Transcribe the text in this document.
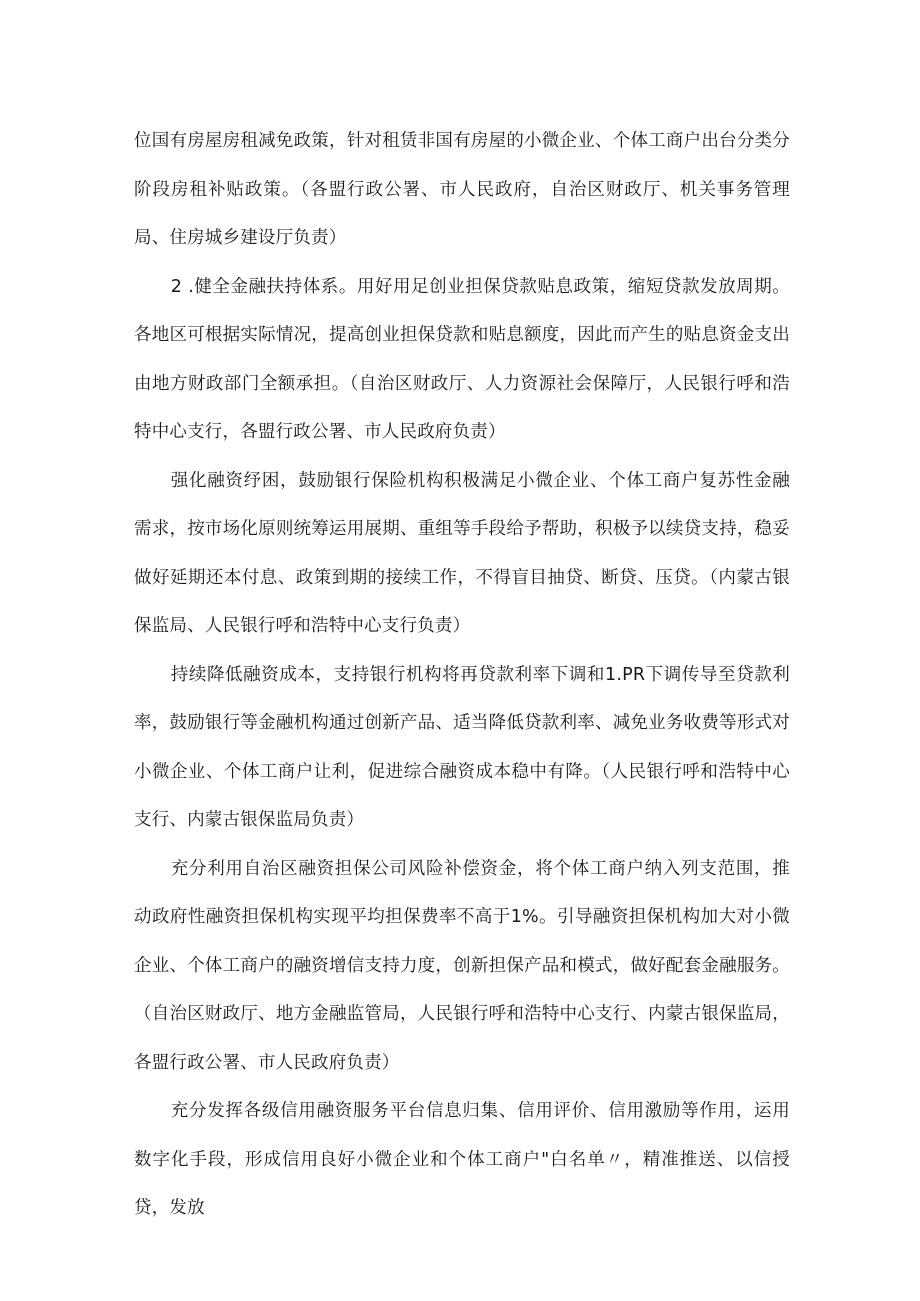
位国有房屋房租减免政策，针对租赁非国有房屋的小微企业、个体工商户出台分类分阶段房租补贴政策。（各盟行政公署、市人民政府，自治区财政厅、机关事务管理局、住房城乡建设厅负责）

2 .健全金融扶持体系。用好用足创业担保贷款贴息政策，缩短贷款发放周期。各地区可根据实际情况，提高创业担保贷款和贴息额度，因此而产生的贴息资金支出由地方财政部门全额承担。（自治区财政厅、人力资源社会保障厅，人民银行呼和浩特中心支行，各盟行政公署、市人民政府负责）

强化融资纾困，鼓励银行保险机构积极满足小微企业、个体工商户复苏性金融需求，按市场化原则统筹运用展期、重组等手段给予帮助，积极予以续贷支持，稳妥做好延期还本付息、政策到期的接续工作，不得盲目抽贷、断贷、压贷。（内蒙古银保监局、人民银行呼和浩特中心支行负责）

持续降低融资成本，支持银行机构将再贷款利率下调和1.PR下调传导至贷款利率，鼓励银行等金融机构通过创新产品、适当降低贷款利率、减免业务收费等形式对小微企业、个体工商户让利，促进综合融资成本稳中有降。（人民银行呼和浩特中心支行、内蒙古银保监局负责）

充分利用自治区融资担保公司风险补偿资金，将个体工商户纳入列支范围，推动政府性融资担保机构实现平均担保费率不高于1%。引导融资担保机构加大对小微企业、个体工商户的融资增信支持力度，创新担保产品和模式，做好配套金融服务。（自治区财政厅、地方金融监管局，人民银行呼和浩特中心支行、内蒙古银保监局，各盟行政公署、市人民政府负责）

充分发挥各级信用融资服务平台信息归集、信用评价、信用激励等作用，运用数字化手段，形成信用良好小微企业和个体工商户"白名单〃，精准推送、以信授贷，发放
